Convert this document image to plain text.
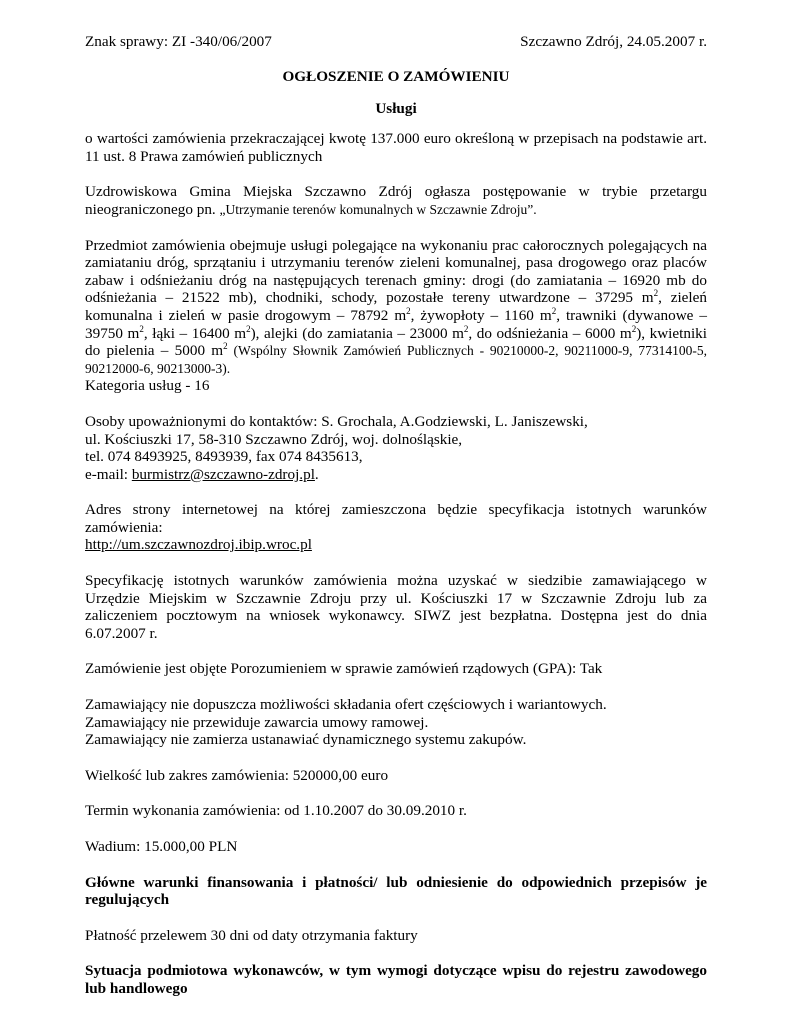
Znak sprawy: ZI -340/06/2007	Szczawno Zdrój, 24.05.2007 r.
OGŁOSZENIE O ZAMÓWIENIU
Usługi

o wartości zamówienia przekraczającej kwotę 137.000 euro określoną w przepisach na podstawie art. 11 ust. 8 Prawa zamówień publicznych

Uzdrowiskowa Gmina Miejska Szczawno Zdrój ogłasza postępowanie w trybie przetargu nieograniczonego pn. „Utrzymanie terenów komunalnych w Szczawnie Zdroju”.

Przedmiot zamówienia obejmuje usługi polegające na wykonaniu prac całorocznych polegających na zamiataniu dróg, sprzątaniu i utrzymaniu terenów zieleni komunalnej, pasa drogowego oraz placów zabaw i odśnieżaniu dróg na następujących terenach gminy: drogi (do zamiatania – 16920 mb do odśnieżania – 21522 mb), chodniki, schody, pozostałe tereny utwardzone – 37295 $m^2$, zieleń komunalna i zieleń w pasie drogowym – 78792 $m^2$, żywopłoty – 1160 $m^2$, trawniki (dywanowe – 39750 $m^2$, łąki – 16400 $m^2$), alejki (do zamiatania – 23000 $m^2$, do odśnieżania – 6000 $m^2$), kwietniki do pielenia – 5000 $m^2$ (Wspólny Słownik Zamówień Publicznych - 90210000-2, 90211000-9, 77314100-5, 90212000-6, 90213000-3).

Kategoria usług - 16

Osoby upoważnionymi do kontaktów: S. Grochala, A.Godziewski, L. Janiszewski,

ul. Kościuszki 17, 58-310 Szczawno Zdrój, woj. dolnośląskie,

tel. 074 8493925, 8493939, fax 074 8435613,

e-mail: burmistrz@szczawno-zdroj.pl.

Adres strony internetowej na której zamieszczona będzie specyfikacja istotnych warunków zamówienia:

http://um.szczawnozdroj.ibip.wroc.pl

Specyfikację istotnych warunków zamówienia można uzyskać w siedzibie zamawiającego w Urzędzie Miejskim w Szczawnie Zdroju przy ul. Kościuszki 17 w Szczawnie Zdroju lub za zaliczeniem pocztowym na wniosek wykonawcy. SIWZ jest bezpłatna. Dostępna jest do dnia 6.07.2007 r.

Zamówienie jest objęte Porozumieniem w sprawie zamówień rządowych (GPA): Tak

Zamawiający nie dopuszcza możliwości składania ofert częściowych i wariantowych.

Zamawiający nie przewiduje zawarcia umowy ramowej.

Zamawiający nie zamierza ustanawiać dynamicznego systemu zakupów.

Wielkość lub zakres zamówienia: 520000,00 euro

Termin wykonania zamówienia: od 1.10.2007 do 30.09.2010 r.

Wadium: 15.000,00 PLN

Główne warunki finansowania i płatności/ lub odniesienie do odpowiednich przepisów je regulujących

Płatność przelewem 30 dni od daty otrzymania faktury

Sytuacja podmiotowa wykonawców, w tym wymogi dotyczące wpisu do rejestru zawodowego lub handlowego
